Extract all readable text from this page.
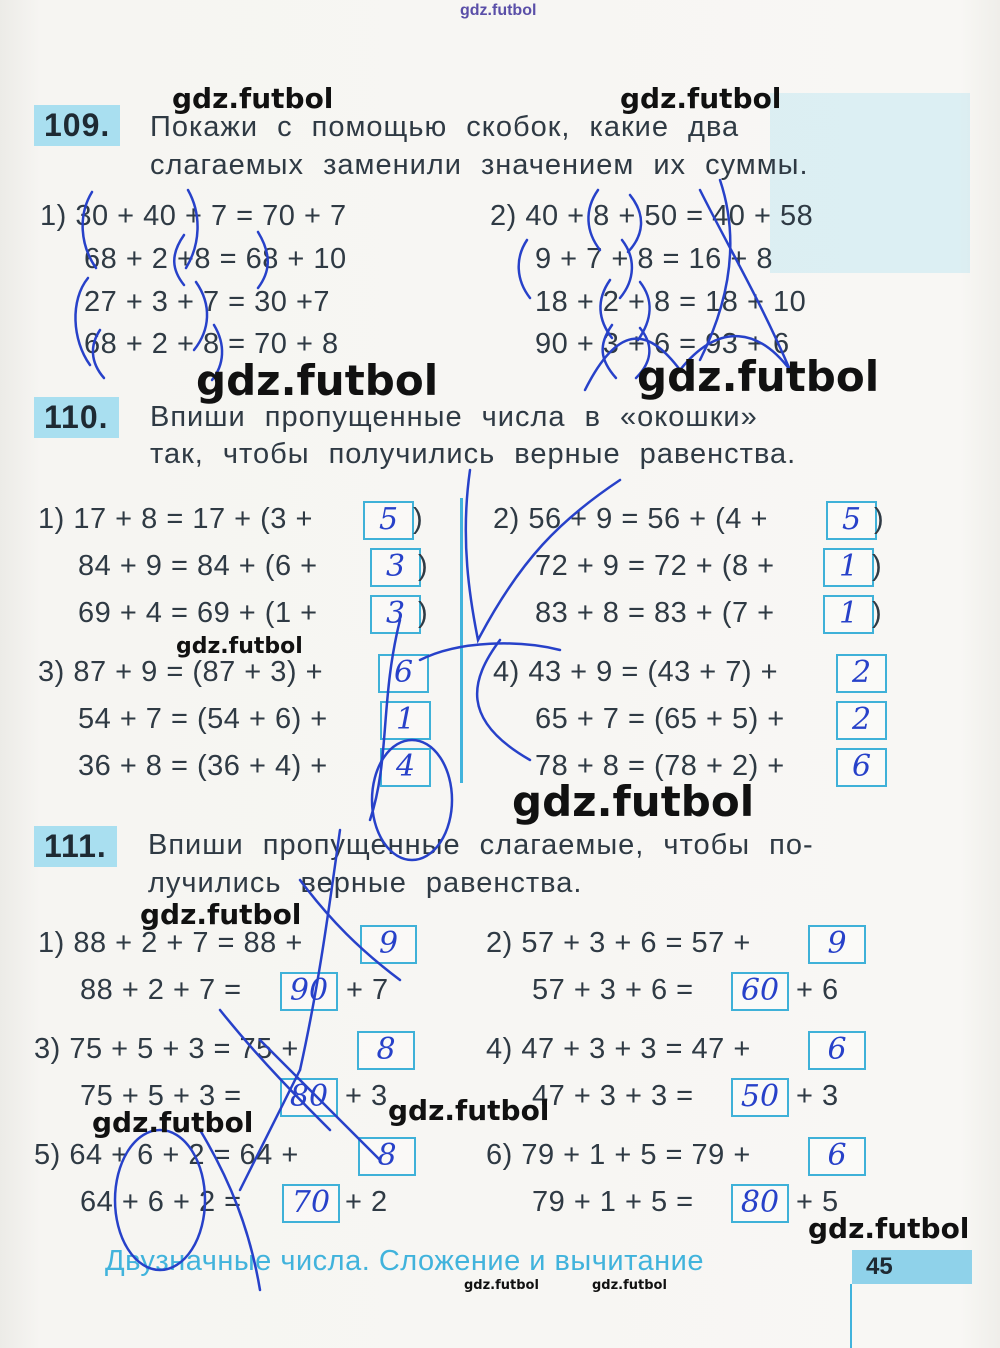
gdz.futbol
109.	Покажи с помощью скобок, какие два
слагаемых заменили значением их суммы.
1) 30 + 40 + 7 = 70 + 7
68 + 2 +8 = 68 + 10
27 + 3 + 7 = 30 +7
68 + 2 + 8 = 70 + 8
2) 40 + 8 + 50 = 40 + 58
9 + 7 + 8 = 16 + 8
18 + 2 + 8 = 18 + 10
90 + 3 + 6 = 93 + 6
110.	Впиши пропущенные числа в «окошки»
так, чтобы получились верные равенства.
1) 17 + 8 = 17 + (3 +	5 )
84 + 9 = 84 + (6 +	3 )
69 + 4 = 69 + (1 +	3 )
2) 56 + 9 = 56 + (4 +	5 )
72 + 9 = 72 + (8 +	1 )
83 + 8 = 83 + (7 +	1 )
3) 87 + 9 = (87 + 3) +	6
54 + 7 = (54 + 6) +	1
36 + 8 = (36 + 4) +	4
4) 43 + 9 = (43 + 7) +	2
65 + 7 = (65 + 5) +	2
78 + 8 = (78 + 2) +	6
111.	Впиши пропущенные слагаемые, чтобы по-
лучились верные равенства.
1) 88 + 2 + 7 = 88 +	9
88 + 2 + 7 =	90 + 7
2) 57 + 3 + 6 = 57 +	9
57 + 3 + 6 =	60 + 6
3) 75 + 5 + 3 = 75 +	8
75 + 5 + 3 =	80 + 3
4) 47 + 3 + 3 = 47 +	6
47 + 3 + 3 =	50 + 3
5) 64 + 6 + 2 = 64 +	8
64 + 6 + 2 =	70 + 2
6) 79 + 1 + 5 = 79 +	6
79 + 1 + 5 =	80 + 5
Двузначные числа. Сложение и вычитание	45
gdz.futbol	gdz.futbol
gdz.futbol	gdz.futbol
gdz.futbol
gdz.futbol
gdz.futbol
gdz.futbol
gdz.futbol
gdz.futbol
gdz.futbol	gdz.futbol
